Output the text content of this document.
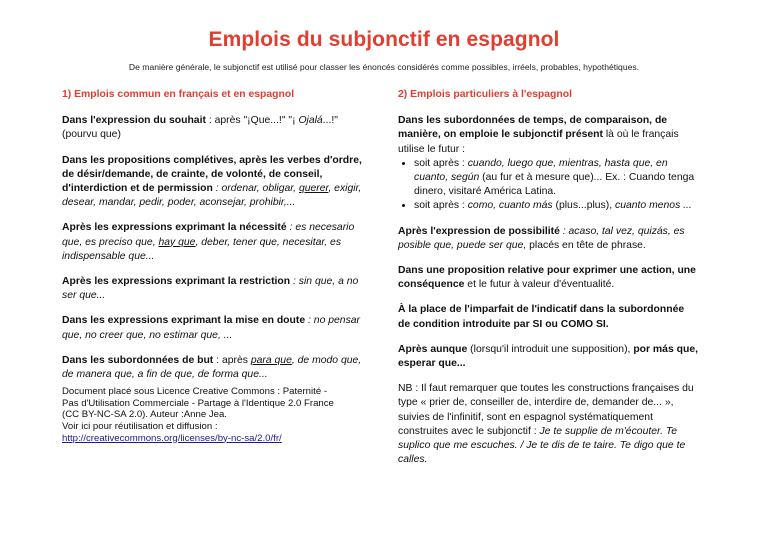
Emplois du subjonctif en espagnol
De manière générale, le subjonctif est utilisé pour classer les énoncés considérés comme possibles, irréels, probables, hypothétiques.
1) Emplois commun en français et en espagnol
Dans l'expression du souhait : après "¡Que...!" "¡ Ojalá...!" (pourvu que)
Dans les propositions complétives, après les verbes d'ordre, de désir/demande, de crainte, de volonté, de conseil, d'interdiction et de permission : ordenar, obligar, querer, exigir, desear, mandar, pedir, poder, aconsejar, prohibir,...
Après les expressions exprimant la nécessité : es necesario que, es preciso que, hay que, deber, tener que, necesitar, es indispensable que...
Après les expressions exprimant la restriction : sin que, a no ser que...
Dans les expressions exprimant la mise en doute : no pensar que, no creer que, no estimar que, ...
Dans les subordonnées de but : après para que, de modo que, de manera que, a fin de que, de forma que...
Document placé sous Licence Creative Commons : Paternité -
Pas d'Utilisation Commerciale - Partage à l'Identique 2.0 France
(CC BY-NC-SA 2.0). Auteur :Anne Jea.
Voir ici pour réutilisation et diffusion :
http://creativecommons.org/licenses/by-nc-sa/2.0/fr/
2) Emplois particuliers à l'espagnol
Dans les subordonnées de temps, de comparaison, de manière, on emploie le subjonctif présent là où le français utilise le futur :
• soit après : cuando, luego que, mientras, hasta que, en cuanto, según (au fur et à mesure que)... Ex. : Cuando tenga dinero, visitaré América Latina.
• soit après : como, cuanto más (plus...plus), cuanto menos ...
Après l'expression de possibilité : acaso, tal vez, quizás, es posible que, puede ser que, placés en tête de phrase.
Dans une proposition relative pour exprimer une action, une conséquence et le futur à valeur d'éventualité.
À la place de l'imparfait de l'indicatif dans la subordonnée de condition introduite par SI ou COMO SI.
Après aunque (lorsqu'il introduit une supposition), por más que, esperar que...
NB : Il faut remarquer que toutes les constructions françaises du type « prier de, conseiller de, interdire de, demander de... », suivies de l'infinitif, sont en espagnol systématiquement construites avec le subjonctif : Je te supplie de m'écouter. Te suplico que me escuches. / Je te dis de te taire. Te digo que te calles.
